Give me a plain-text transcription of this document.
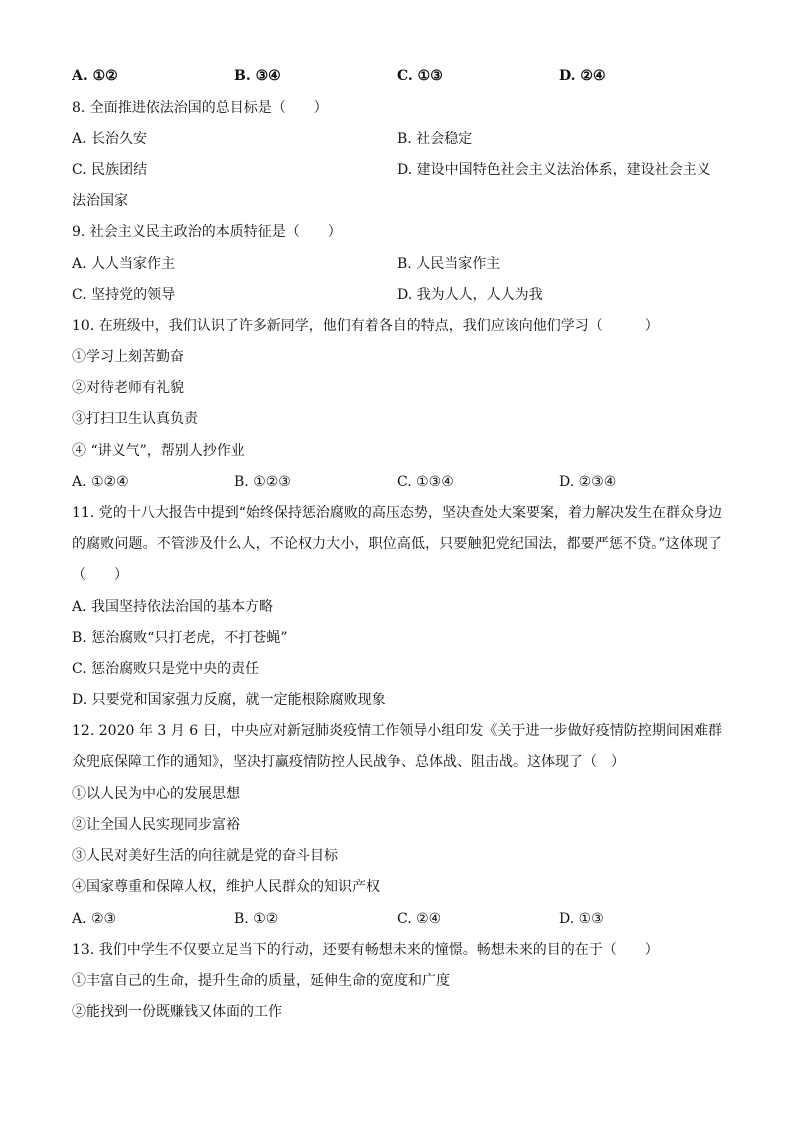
A. ①②	B. ③④	C. ①③	D. ②④
8. 全面推进依法治国的总目标是（　　）
A. 长治久安	B. 社会稳定
C. 民族团结	D. 建设中国特色社会主义法治体系，建设社会主义
法治国家
9. 社会主义民主政治的本质特征是（　　）
A. 人人当家作主	B. 人民当家作主
C. 坚持党的领导	D. 我为人人，人人为我
10. 在班级中，我们认识了许多新同学，他们有着各自的特点，我们应该向他们学习（　　　）
①学习上刻苦勤奋
②对待老师有礼貌
③打扫卫生认真负责
④ “讲义气”，帮别人抄作业
A. ①②④	B. ①②③	C. ①③④	D. ②③④
11. 党的十八大报告中提到“始终保持惩治腐败的高压态势，坚决查处大案要案，着力解决发生在群众身边的腐败问题。不管涉及什么人，不论权力大小，职位高低，只要触犯党纪国法，都要严惩不贷。”这体现了（　　）
A. 我国坚持依法治国的基本方略
B. 惩治腐败“只打老虎，不打苍蝇”
C. 惩治腐败只是党中央的责任
D. 只要党和国家强力反腐，就一定能根除腐败现象
12. 2020 年 3 月 6 日，中央应对新冠肺炎疫情工作领导小组印发《关于进一步做好疫情防控期间困难群众兜底保障工作的通知》，坚决打赢疫情防控人民战争、总体战、阻击战。这体现了（　）
①以人民为中心的发展思想
②让全国人民实现同步富裕
③人民对美好生活的向往就是党的奋斗目标
④国家尊重和保障人权，维护人民群众的知识产权
A. ②③	B. ①②	C. ②④	D. ①③
13. 我们中学生不仅要立足当下的行动，还要有畅想未来的憧憬。畅想未来的目的在于（　　）
①丰富自己的生命，提升生命的质量，延伸生命的宽度和广度
②能找到一份既赚钱又体面的工作
